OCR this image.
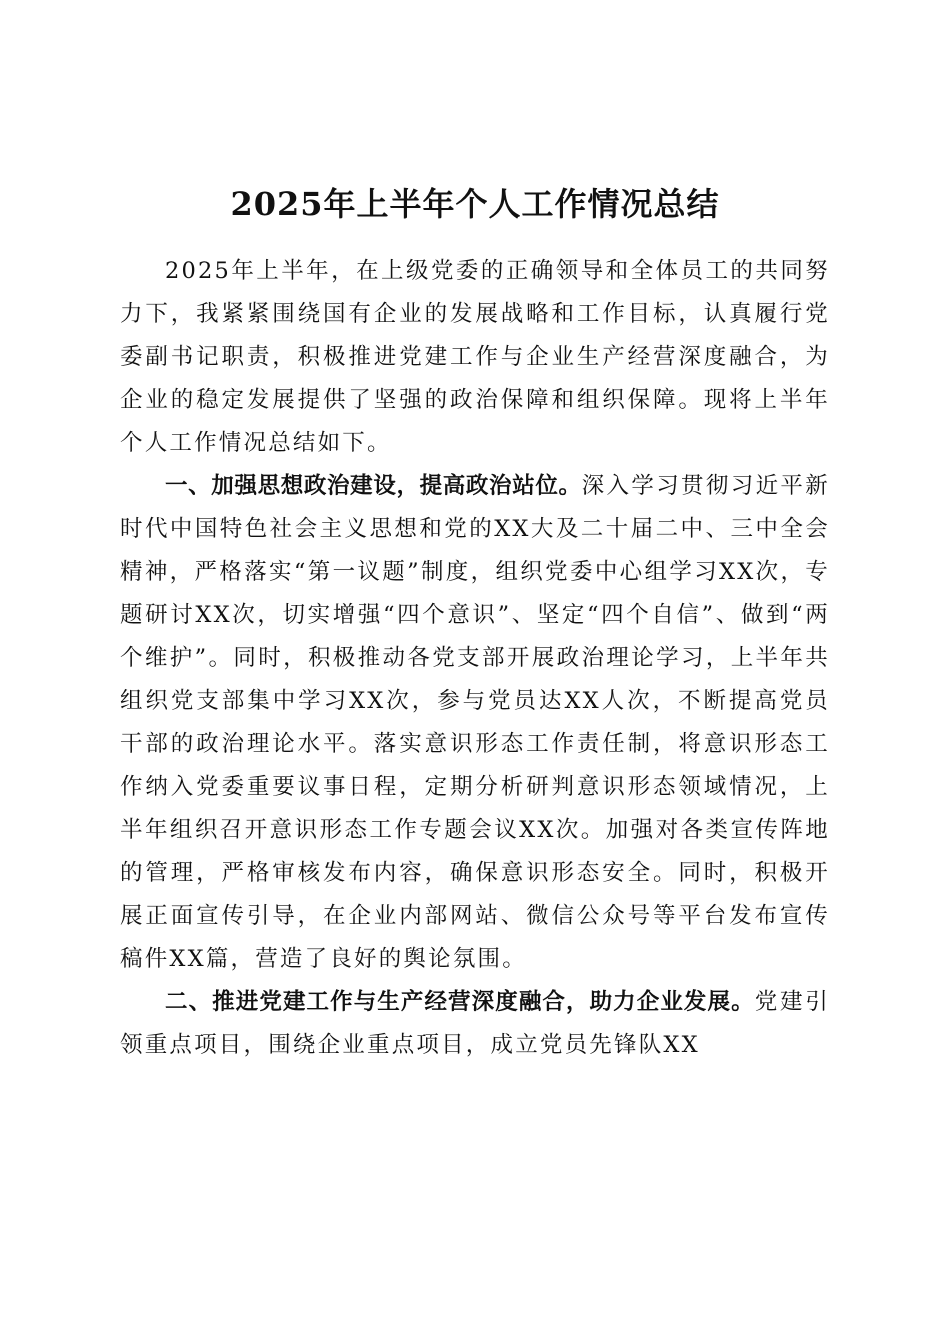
2025年上半年个人工作情况总结

2025年上半年，在上级党委的正确领导和全体员工的共同努力下，我紧紧围绕国有企业的发展战略和工作目标，认真履行党委副书记职责，积极推进党建工作与企业生产经营深度融合，为企业的稳定发展提供了坚强的政治保障和组织保障。现将上半年个人工作情况总结如下。

一、加强思想政治建设，提高政治站位。深入学习贯彻习近平新时代中国特色社会主义思想和党的XX大及二十届二中、三中全会精神，严格落实“第一议题”制度，组织党委中心组学习XX次，专题研讨XX次，切实增强“四个意识”、坚定“四个自信”、做到“两个维护”。同时，积极推动各党支部开展政治理论学习，上半年共组织党支部集中学习XX次，参与党员达XX人次，不断提高党员干部的政治理论水平。落实意识形态工作责任制，将意识形态工作纳入党委重要议事日程，定期分析研判意识形态领域情况，上半年组织召开意识形态工作专题会议XX次。加强对各类宣传阵地的管理，严格审核发布内容，确保意识形态安全。同时，积极开展正面宣传引导，在企业内部网站、微信公众号等平台发布宣传稿件XX篇，营造了良好的舆论氛围。

二、推进党建工作与生产经营深度融合，助力企业发展。党建引领重点项目，围绕企业重点项目，成立党员先锋队XX
